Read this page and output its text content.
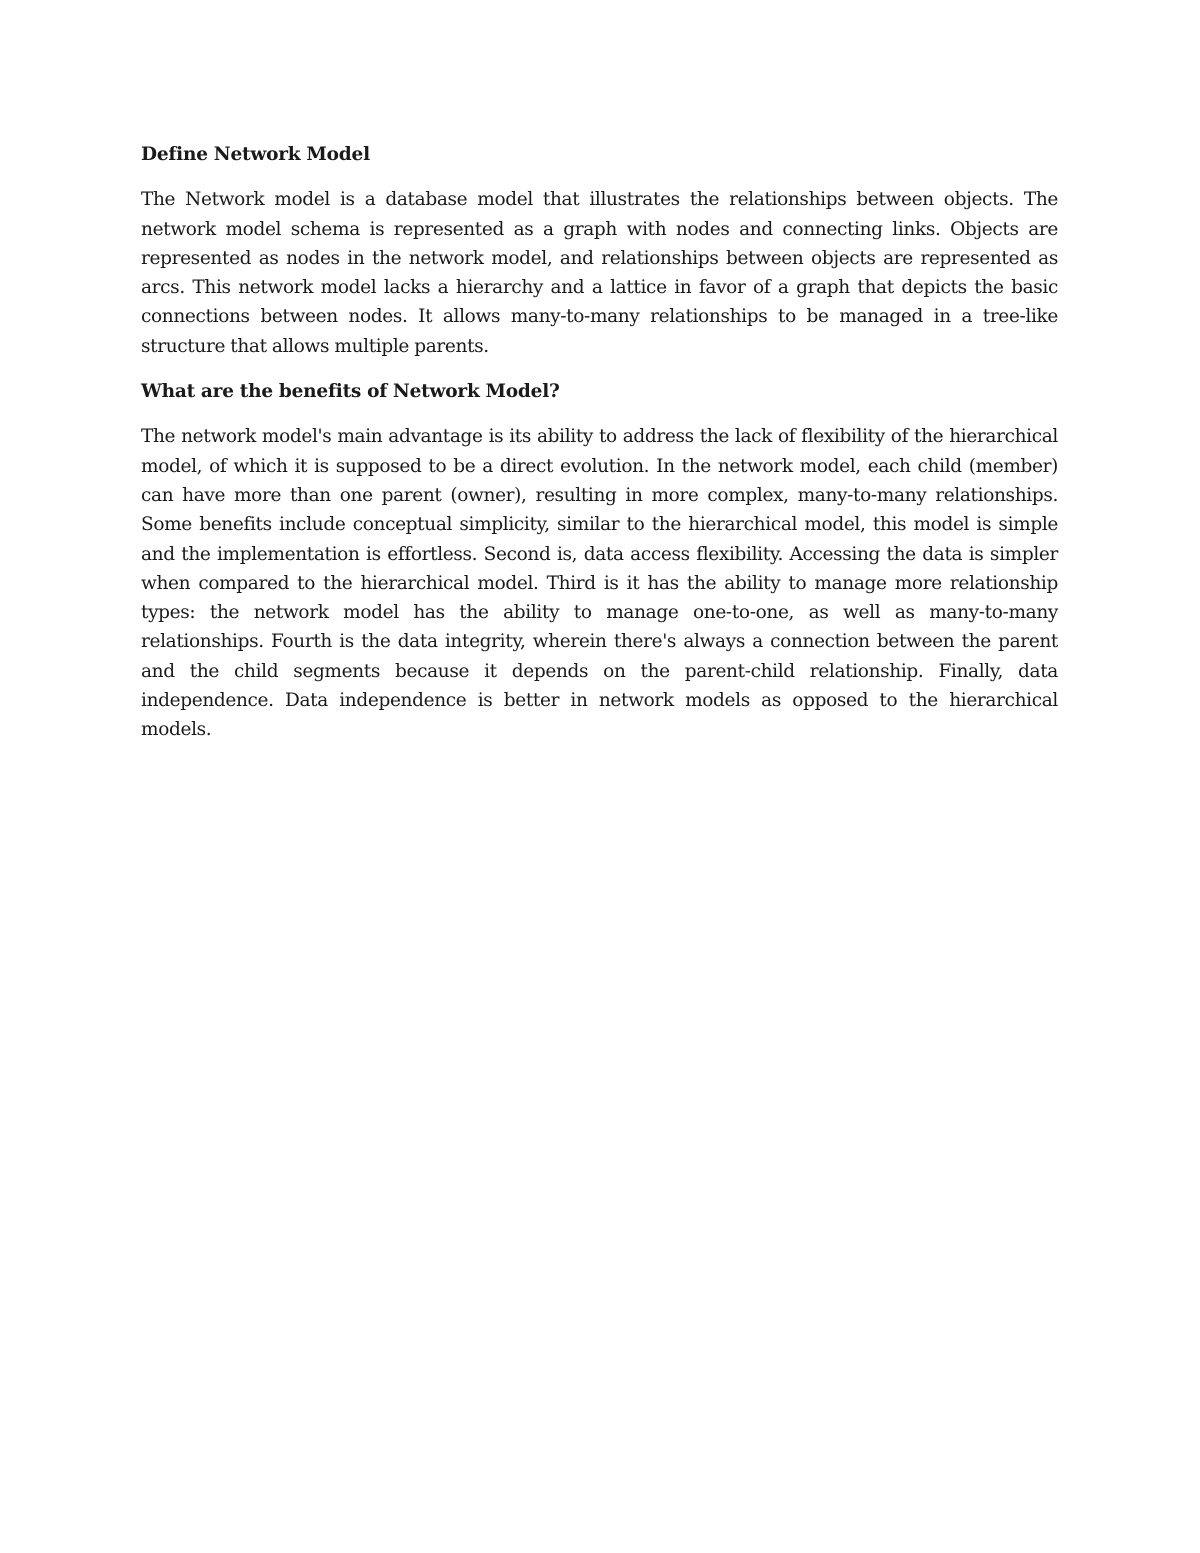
Define Network Model

The Network model is a database model that illustrates the relationships between objects. The network model schema is represented as a graph with nodes and connecting links. Objects are represented as nodes in the network model, and relationships between objects are represented as arcs. This network model lacks a hierarchy and a lattice in favor of a graph that depicts the basic connections between nodes. It allows many-to-many relationships to be managed in a tree-like structure that allows multiple parents.

What are the benefits of Network Model?

The network model's main advantage is its ability to address the lack of flexibility of the hierarchical model, of which it is supposed to be a direct evolution. In the network model, each child (member) can have more than one parent (owner), resulting in more complex, many-to-many relationships. Some benefits include conceptual simplicity, similar to the hierarchical model, this model is simple and the implementation is effortless. Second is, data access flexibility. Accessing the data is simpler when compared to the hierarchical model. Third is it has the ability to manage more relationship types: the network model has the ability to manage one-to-one, as well as many-to-many relationships. Fourth is the data integrity, wherein there's always a connection between the parent and the child segments because it depends on the parent-child relationship. Finally, data independence. Data independence is better in network models as opposed to the hierarchical models.
